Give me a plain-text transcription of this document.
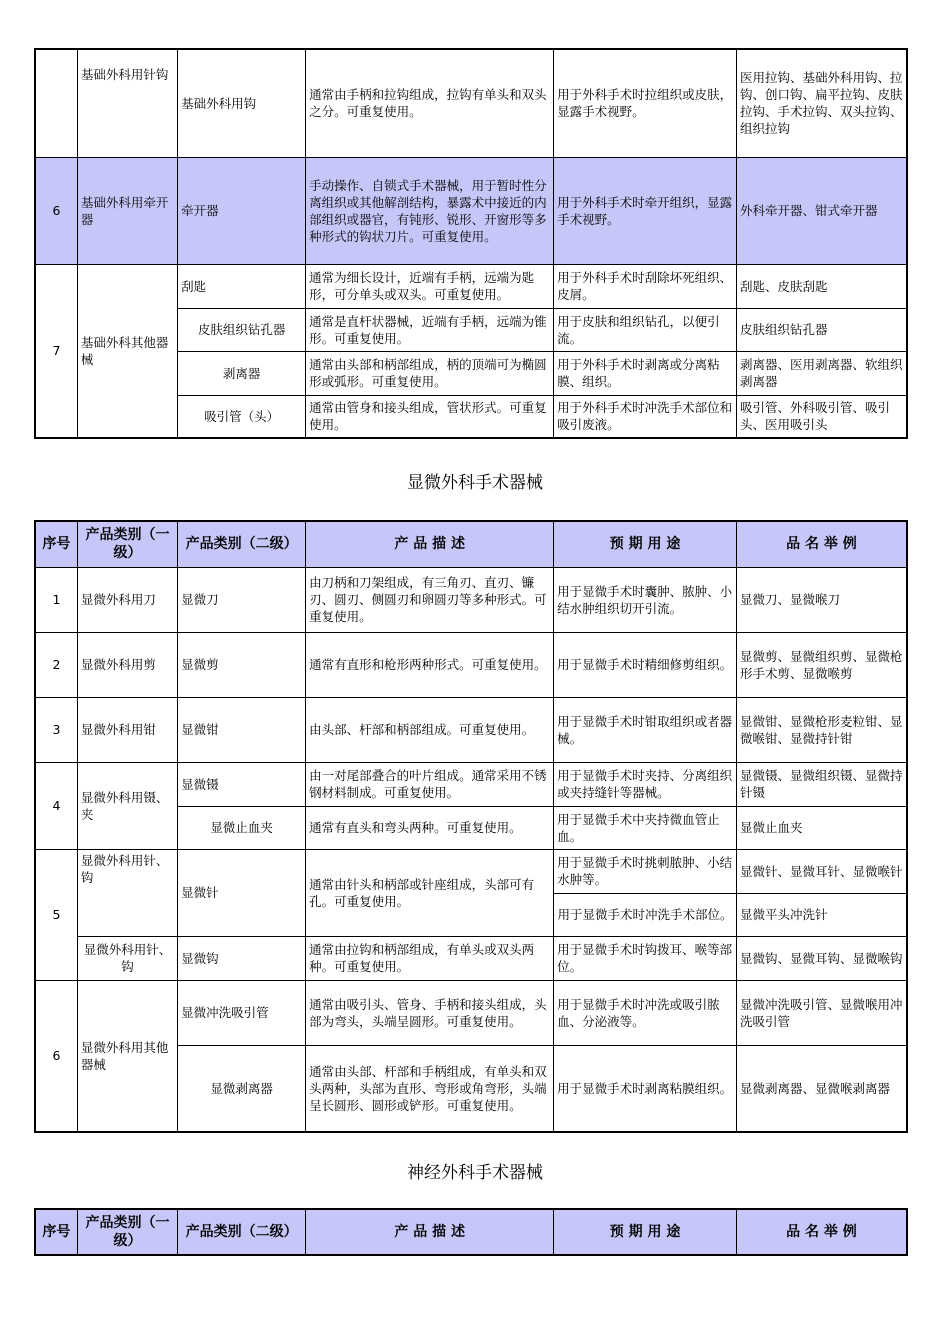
	基础外科用针钩	基础外科用钩	通常由手柄和拉钩组成，拉钩有单头和双头之分。可重复使用。	用于外科手术时拉组织或皮肤，显露手术视野。	医用拉钩、基础外科用钩、拉钩、创口钩、扁平拉钩、皮肤拉钩、手术拉钩、双头拉钩、组织拉钩
6	基础外科用牵开器	牵开器	手动操作、自锁式手术器械，用于暂时性分离组织或其他解剖结构，暴露术中接近的内部组织或器官，有钝形、锐形、开窗形等多种形式的钩状刀片。可重复使用。	用于外科手术时牵开组织，显露手术视野。	外科牵开器、钳式牵开器
7	基础外科其他器械	刮匙	通常为细长设计，近端有手柄，远端为匙形，可分单头或双头。可重复使用。	用于外科手术时刮除坏死组织、皮屑。	刮匙、皮肤刮匙
		皮肤组织钻孔器	通常是直杆状器械，近端有手柄，远端为锥形。可重复使用。	用于皮肤和组织钻孔，以便引流。	皮肤组织钻孔器
		剥离器	通常由头部和柄部组成，柄的顶端可为椭圆形或弧形。可重复使用。	用于外科手术时剥离或分离粘膜、组织。	剥离器、医用剥离器、软组织剥离器
		吸引管（头）	通常由管身和接头组成，管状形式。可重复使用。	用于外科手术时冲洗手术部位和吸引废液。	吸引管、外科吸引管、吸引头、医用吸引头
显微外科手术器械
序号	产品类别（一级）	产品类别（二级）	产 品 描 述	预 期 用 途	品 名 举 例
1	显微外科用刀	显微刀	由刀柄和刀架组成，有三角刃、直刃、镰刃、圆刃、侧圆刃和卵圆刃等多种形式。可重复使用。	用于显微手术时囊肿、脓肿、小结水肿组织切开引流。	显微刀、显微喉刀
2	显微外科用剪	显微剪	通常有直形和枪形两种形式。可重复使用。	用于显微手术时精细修剪组织。	显微剪、显微组织剪、显微枪形手术剪、显微喉剪
3	显微外科用钳	显微钳	由头部、杆部和柄部组成。可重复使用。	用于显微手术时钳取组织或者器械。	显微钳、显微枪形麦粒钳、显微喉钳、显微持针钳
4	显微外科用镊、夹	显微镊	由一对尾部叠合的叶片组成。通常采用不锈钢材料制成。可重复使用。	用于显微手术时夹持、分离组织或夹持缝针等器械。	显微镊、显微组织镊、显微持针镊
		显微止血夹	通常有直头和弯头两种。可重复使用。	用于显微手术中夹持微血管止血。	显微止血夹
5	显微外科用针、钩	显微针	通常由针头和柄部或针座组成，头部可有孔。可重复使用。	用于显微手术时挑刺脓肿、小结水肿等。	显微针、显微耳针、显微喉针
				用于显微手术时冲洗手术部位。	显微平头冲洗针
	显微外科用针、钩	显微钩	通常由拉钩和柄部组成，有单头或双头两种。可重复使用。	用于显微手术时钩拨耳、喉等部位。	显微钩、显微耳钩、显微喉钩
6	显微外科用其他器械	显微冲洗吸引管	通常由吸引头、管身、手柄和接头组成，头部为弯头，头端呈圆形。可重复使用。	用于显微手术时冲洗或吸引脓血、分泌液等。	显微冲洗吸引管、显微喉用冲洗吸引管
		显微剥离器	通常由头部、杆部和手柄组成，有单头和双头两种，头部为直形、弯形或角弯形，头端呈长圆形、圆形或铲形。可重复使用。	用于显微手术时剥离粘膜组织。	显微剥离器、显微喉剥离器
神经外科手术器械
序号	产品类别（一级）	产品类别（二级）	产 品 描 述	预 期 用 途	品 名 举 例
